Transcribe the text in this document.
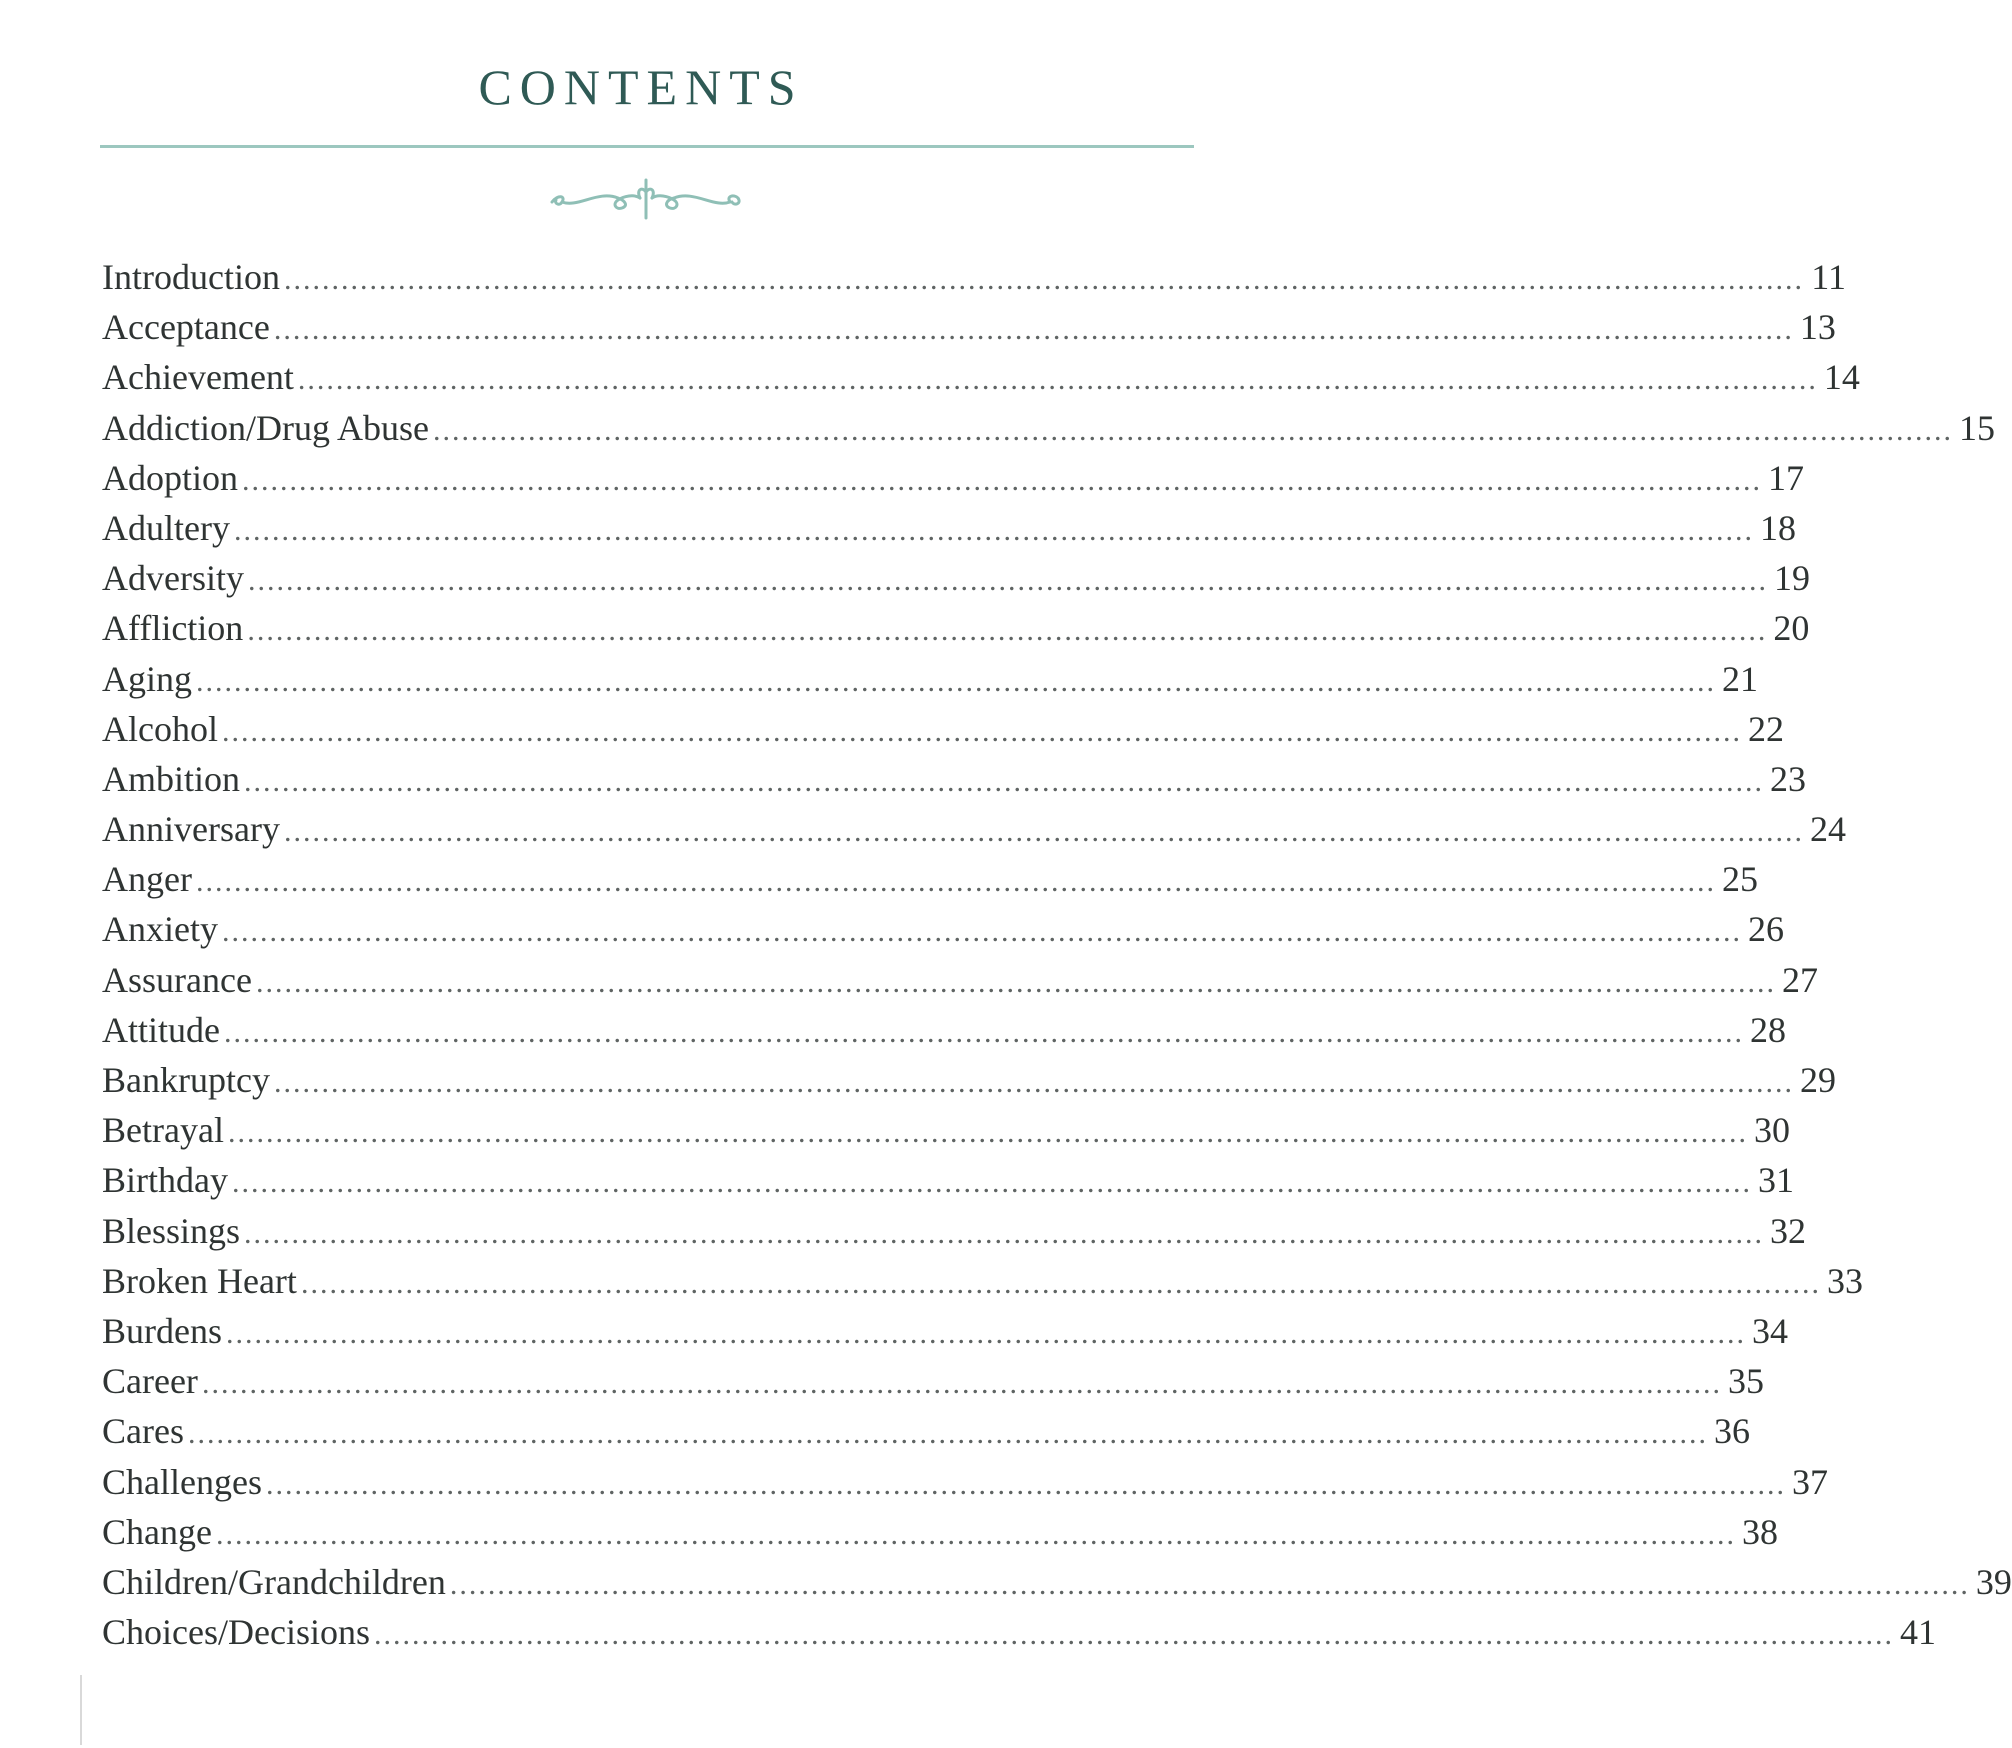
CONTENTS
Introduction ................................................................................................................................................................ 11
Acceptance ................................................................................................................................................................ 13
Achievement ................................................................................................................................................................ 14
Addiction/Drug Abuse ................................................................................................................................................................ 15
Adoption ................................................................................................................................................................ 17
Adultery ................................................................................................................................................................ 18
Adversity ................................................................................................................................................................ 19
Affliction ................................................................................................................................................................ 20
Aging ................................................................................................................................................................ 21
Alcohol ................................................................................................................................................................ 22
Ambition ................................................................................................................................................................ 23
Anniversary ................................................................................................................................................................ 24
Anger ................................................................................................................................................................ 25
Anxiety ................................................................................................................................................................ 26
Assurance ................................................................................................................................................................ 27
Attitude ................................................................................................................................................................ 28
Bankruptcy ................................................................................................................................................................ 29
Betrayal ................................................................................................................................................................ 30
Birthday ................................................................................................................................................................ 31
Blessings ................................................................................................................................................................ 32
Broken Heart ................................................................................................................................................................ 33
Burdens ................................................................................................................................................................ 34
Career ................................................................................................................................................................ 35
Cares ................................................................................................................................................................ 36
Challenges ................................................................................................................................................................ 37
Change ................................................................................................................................................................ 38
Children/Grandchildren ................................................................................................................................................................ 39
Choices/Decisions ................................................................................................................................................................ 41
